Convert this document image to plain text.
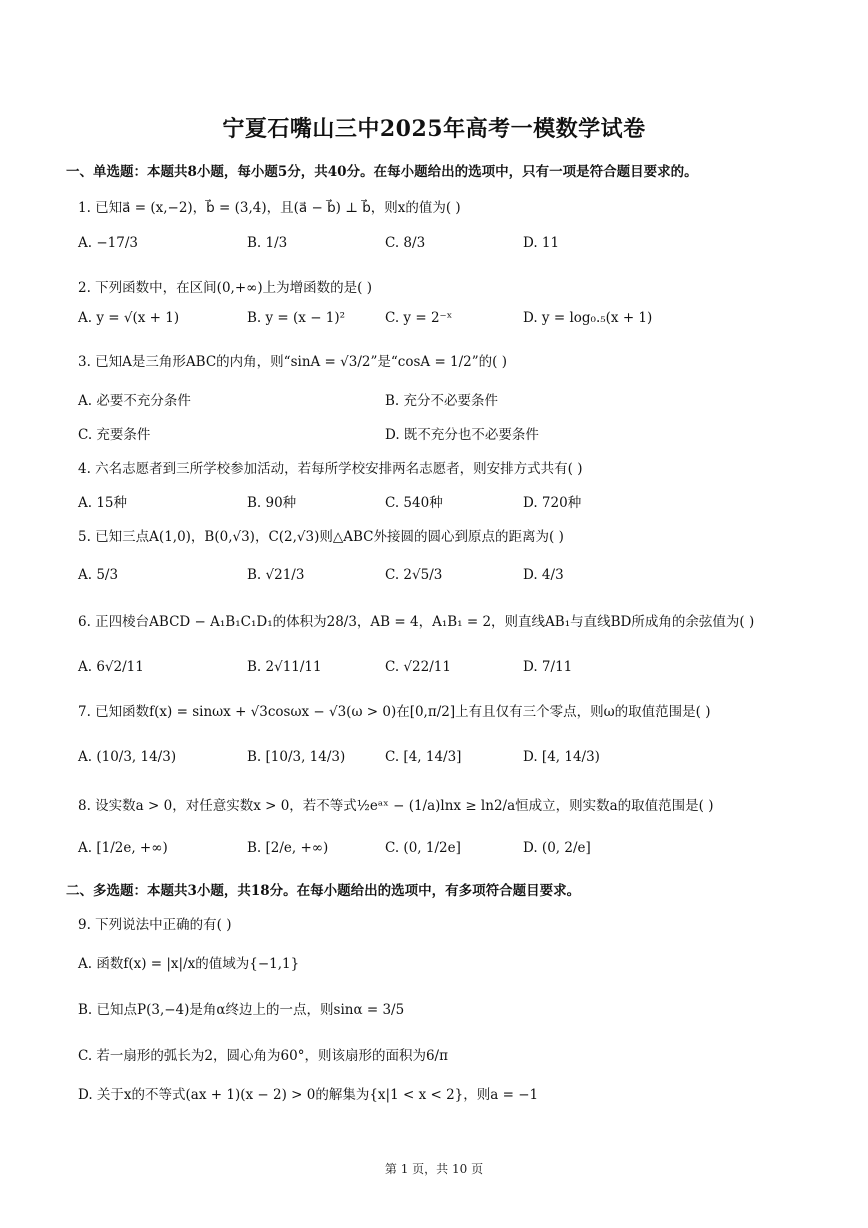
宁夏石嘴山三中2025年高考一模数学试卷
一、单选题：本题共8小题，每小题5分，共40分。在每小题给出的选项中，只有一项是符合题目要求的。
1. 已知a⃗ = (x,−2)，b⃗ = (3,4)，且(a⃗ − b⃗) ⊥ b⃗，则x的值为( )
A. −17/3	B. 1/3	C. 8/3	D. 11
2. 下列函数中，在区间(0,+∞)上为增函数的是( )
A. y = √(x + 1)	B. y = (x − 1)²	C. y = 2⁻ˣ	D. y = log₀.₅(x + 1)
3. 已知A是三角形ABC的内角，则“sinA = √3/2”是“cosA = 1/2”的( )
A. 必要不充分条件	B. 充分不必要条件
C. 充要条件	D. 既不充分也不必要条件
4. 六名志愿者到三所学校参加活动，若每所学校安排两名志愿者，则安排方式共有( )
A. 15种	B. 90种	C. 540种	D. 720种
5. 已知三点A(1,0)，B(0,√3)，C(2,√3)则△ABC外接圆的圆心到原点的距离为( )
A. 5/3	B. √21/3	C. 2√5/3	D. 4/3
6. 正四棱台ABCD − A₁B₁C₁D₁的体积为28/3，AB = 4，A₁B₁ = 2，则直线AB₁与直线BD所成角的余弦值为( )
A. 6√2/11	B. 2√11/11	C. √22/11	D. 7/11
7. 已知函数f(x) = sinωx + √3cosωx − √3(ω > 0)在[0,π/2]上有且仅有三个零点，则ω的取值范围是( )
A. (10/3, 14/3)	B. [10/3, 14/3)	C. [4, 14/3]	D. [4, 14/3)
8. 设实数a > 0，对任意实数x > 0，若不等式½eᵃˣ − (1/a)lnx ≥ ln2/a恒成立，则实数a的取值范围是( )
A. [1/2e, +∞)	B. [2/e, +∞)	C. (0, 1/2e]	D. (0, 2/e]
二、多选题：本题共3小题，共18分。在每小题给出的选项中，有多项符合题目要求。
9. 下列说法中正确的有( )
A. 函数f(x) = |x|/x的值域为{−1,1}
B. 已知点P(3,−4)是角α终边上的一点，则sinα = 3/5
C. 若一扇形的弧长为2，圆心角为60°，则该扇形的面积为6/π
D. 关于x的不等式(ax + 1)(x − 2) > 0的解集为{x|1 < x < 2}，则a = −1
第 1 页，共 10 页
